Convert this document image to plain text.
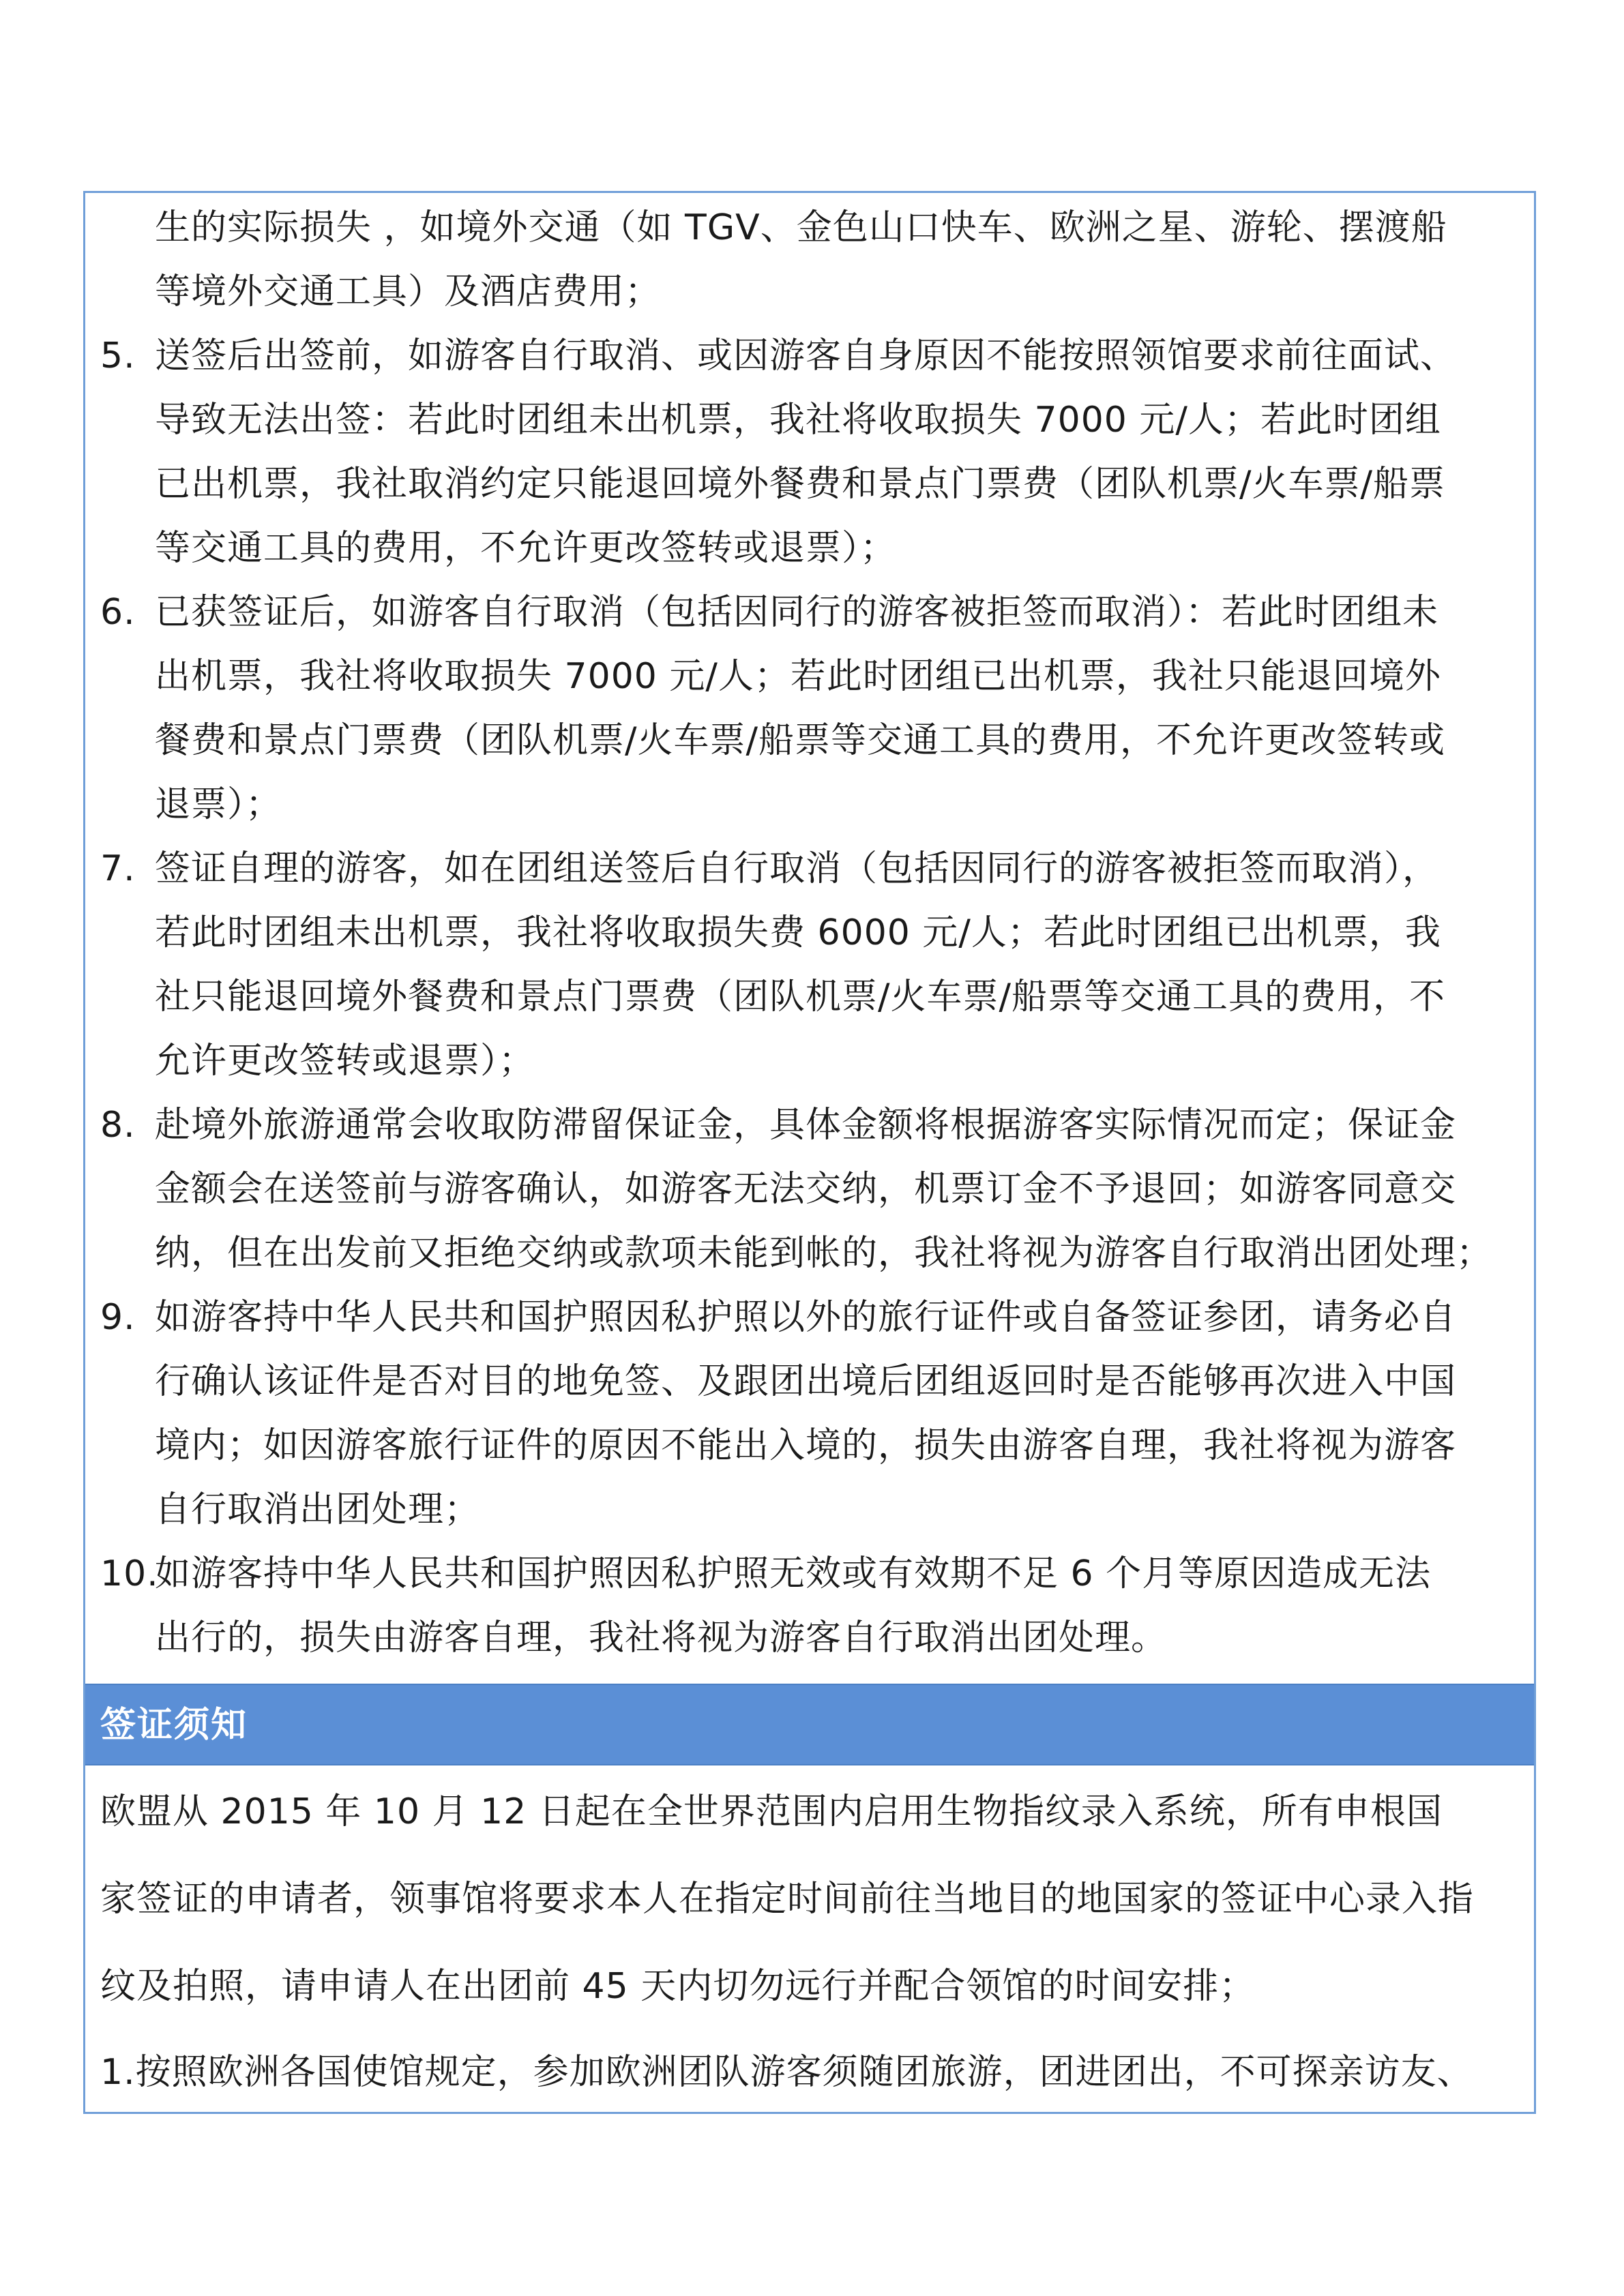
生的实际损失 ，如境外交通（如 TGV、金色山口快车、欧洲之星、游轮、摆渡船
等境外交通工具）及酒店费用；
5. 送签后出签前，如游客自行取消、或因游客自身原因不能按照领馆要求前往面试、
导致无法出签：若此时团组未出机票，我社将收取损失 7000 元/人；若此时团组
已出机票，我社取消约定只能退回境外餐费和景点门票费（团队机票/火车票/船票
等交通工具的费用，不允许更改签转或退票）；
6. 已获签证后，如游客自行取消（包括因同行的游客被拒签而取消）：若此时团组未
出机票，我社将收取损失 7000 元/人；若此时团组已出机票，我社只能退回境外
餐费和景点门票费（团队机票/火车票/船票等交通工具的费用，不允许更改签转或
退票）；
7. 签证自理的游客，如在团组送签后自行取消（包括因同行的游客被拒签而取消），
若此时团组未出机票，我社将收取损失费 6000 元/人；若此时团组已出机票，我
社只能退回境外餐费和景点门票费（团队机票/火车票/船票等交通工具的费用，不
允许更改签转或退票）；
8. 赴境外旅游通常会收取防滞留保证金，具体金额将根据游客实际情况而定；保证金
金额会在送签前与游客确认，如游客无法交纳，机票订金不予退回；如游客同意交
纳，但在出发前又拒绝交纳或款项未能到帐的，我社将视为游客自行取消出团处理；
9. 如游客持中华人民共和国护照因私护照以外的旅行证件或自备签证参团，请务必自
行确认该证件是否对目的地免签、及跟团出境后团组返回时是否能够再次进入中国
境内；如因游客旅行证件的原因不能出入境的，损失由游客自理，我社将视为游客
自行取消出团处理；
10.
如游客持中华人民共和国护照因私护照无效或有效期不足 6 个月等原因造成无法
出行的，损失由游客自理，我社将视为游客自行取消出团处理。
签证须知
欧盟从 2015 年 10 月 12 日起在全世界范围内启用生物指纹录入系统，所有申根国
家签证的申请者，领事馆将要求本人在指定时间前往当地目的地国家的签证中心录入指
纹及拍照，请申请人在出团前 45 天内切勿远行并配合领馆的时间安排；
1.按照欧洲各国使馆规定，参加欧洲团队游客须随团旅游，团进团出，不可探亲访友、
